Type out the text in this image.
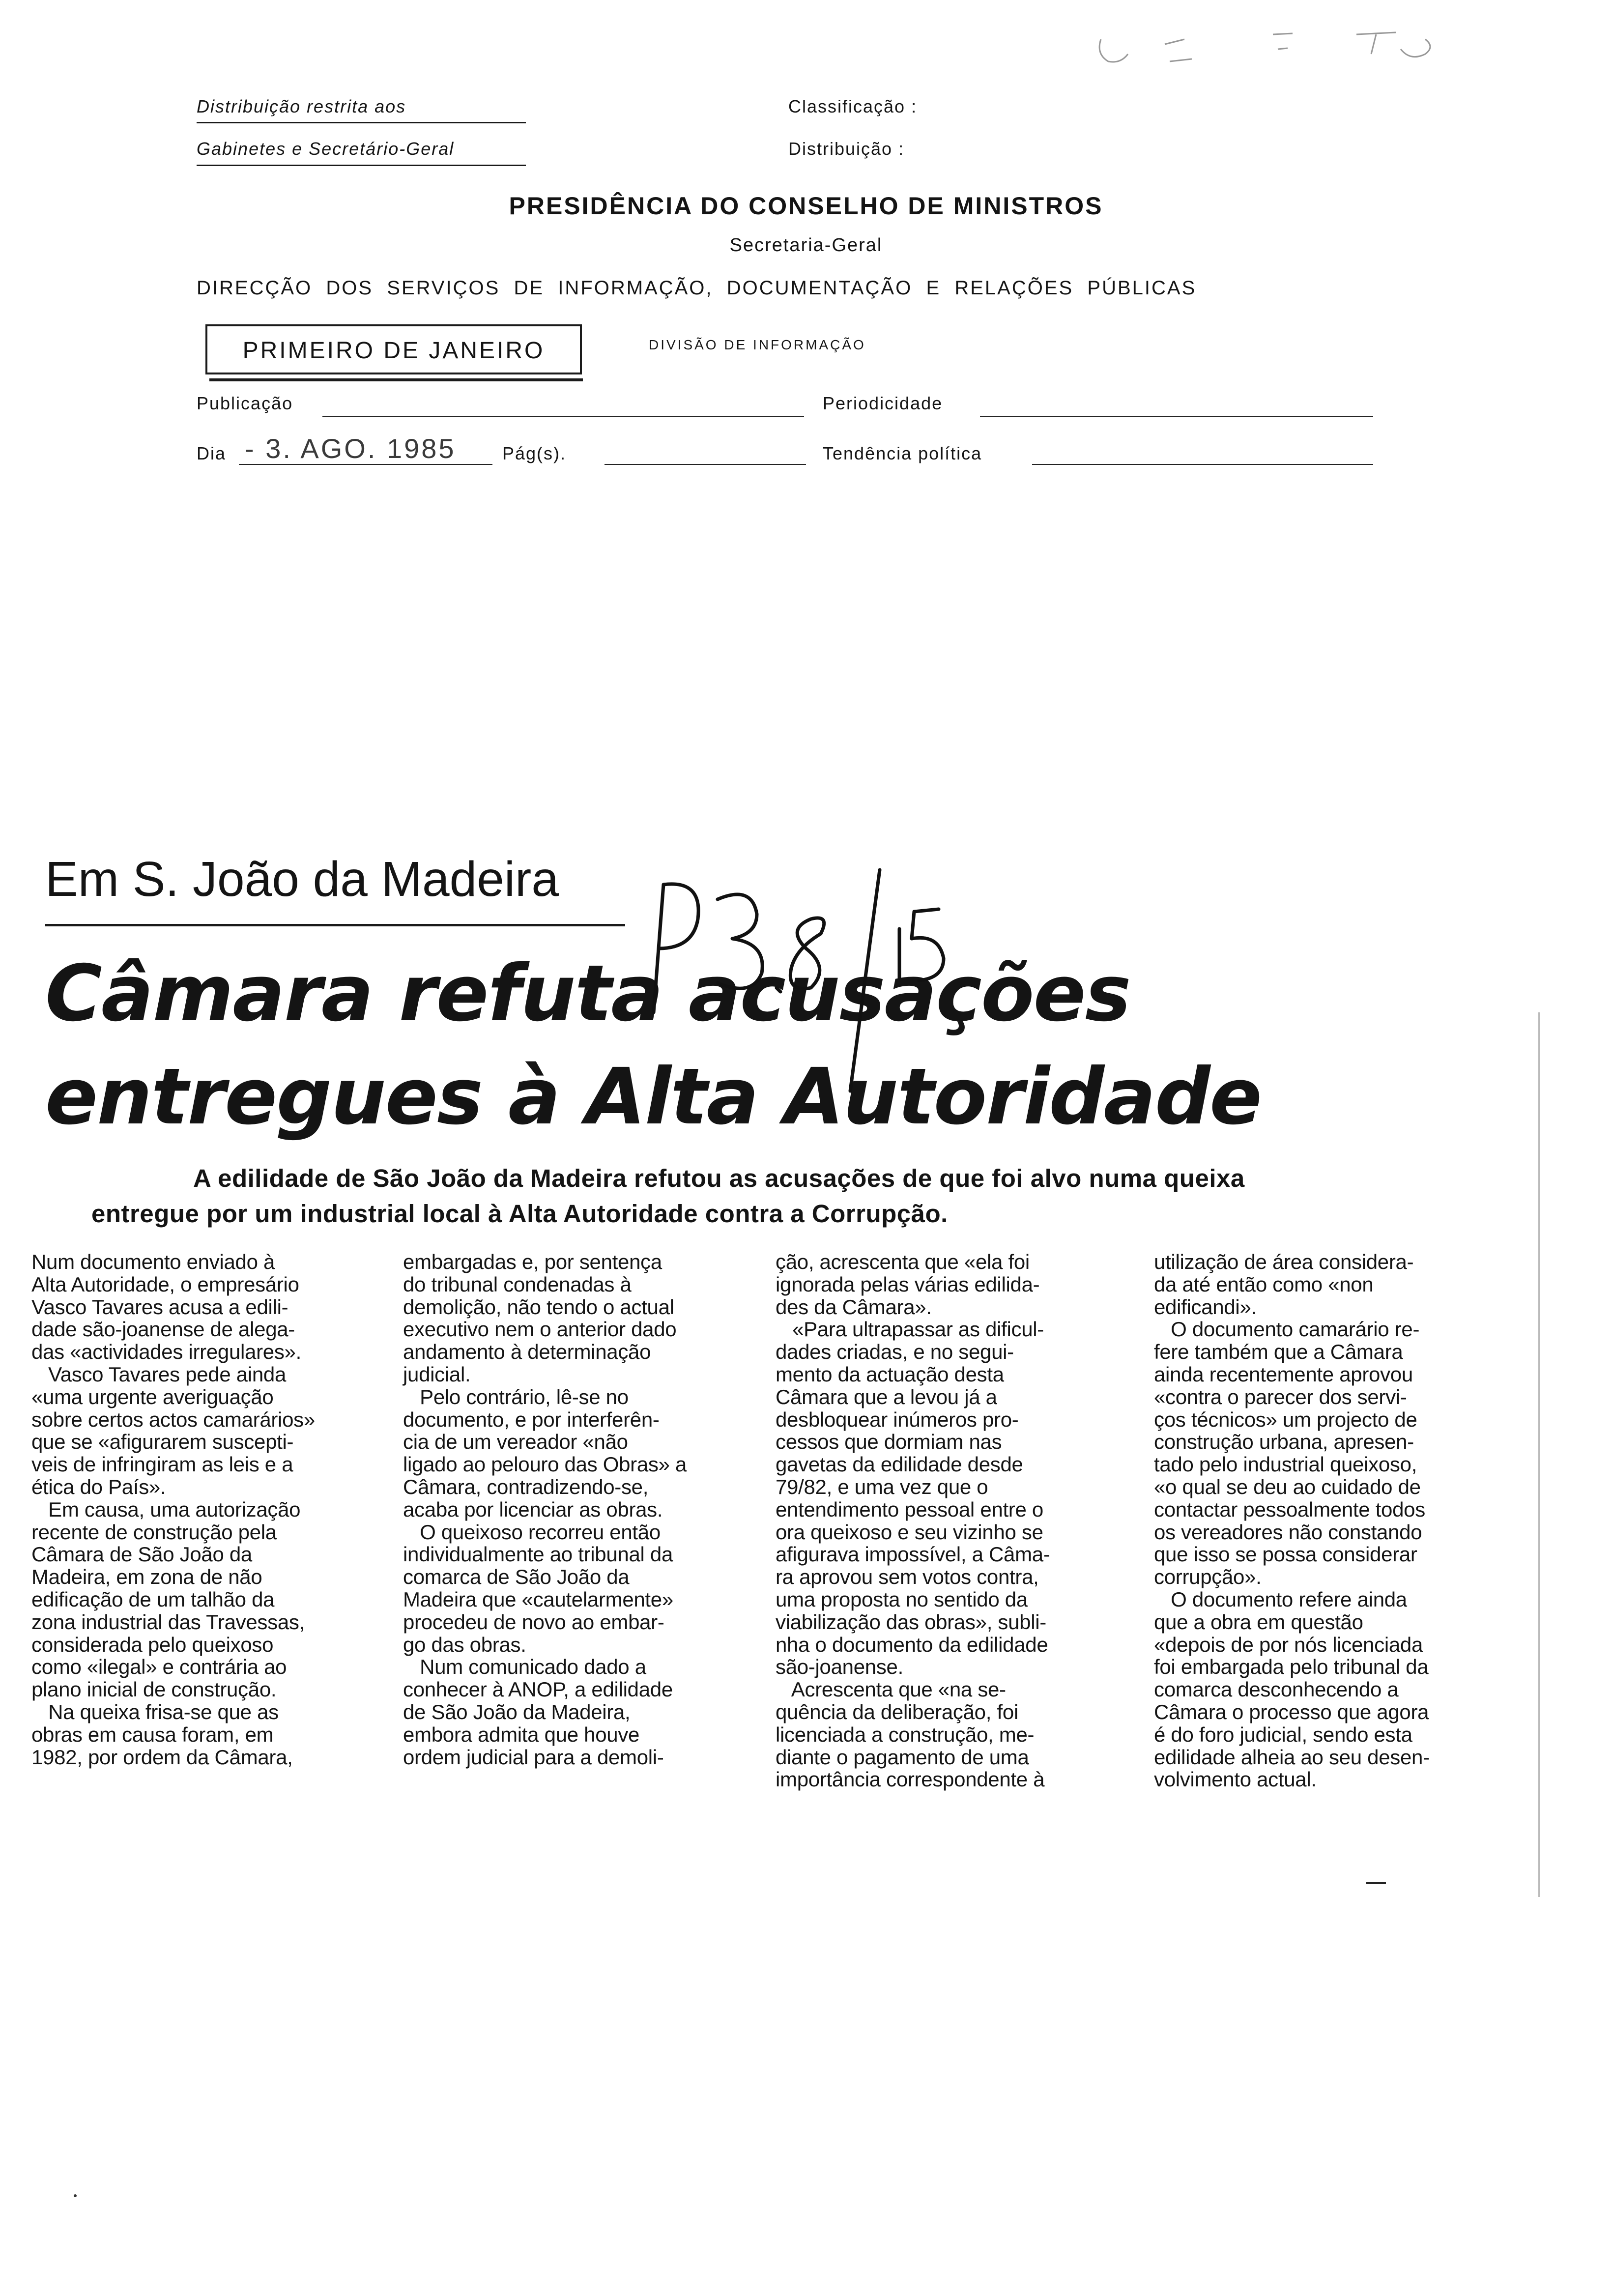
Distribuição restrita aos
Gabinetes e Secretário-Geral
Classificação :
Distribuição :
PRESIDÊNCIA DO CONSELHO DE MINISTROS
Secretaria-Geral
DIRECÇÃO  DOS  SERVIÇOS  DE  INFORMAÇÃO,  DOCUMENTAÇÃO  E  RELAÇÕES  PÚBLICAS
PRIMEIRO DE JANEIRO	DIVISÃO DE INFORMAÇÃO
Publicação	Periodicidade
Dia - 3. AGO. 1985	Pág(s).	Tendência política
Em S. João da Madeira
Câmara refuta acusações
entregues à Alta Autoridade
A edilidade de São João da Madeira refutou as acusações de que foi alvo numa queixa
entregue por um industrial local à Alta Autoridade contra a Corrupção.
Num documento enviado à
Alta Autoridade, o empresário
Vasco Tavares acusa a edili-
dade são-joanense de alega-
das «actividades irregulares».
Vasco Tavares pede ainda
«uma urgente averiguação
sobre certos actos camarários»
que se «afigurarem suscepti-
veis de infringiram as leis e a
ética do País».
Em causa, uma autorização
recente de construção pela
Câmara de São João da
Madeira, em zona de não
edificação de um talhão da
zona industrial das Travessas,
considerada pelo queixoso
como «ilegal» e contrária ao
plano inicial de construção.
Na queixa frisa-se que as
obras em causa foram, em
1982, por ordem da Câmara,
embargadas e, por sentença
do tribunal condenadas à
demolição, não tendo o actual
executivo nem o anterior dado
andamento à determinação
judicial.
Pelo contrário, lê-se no
documento, e por interferên-
cia de um vereador «não
ligado ao pelouro das Obras» a
Câmara, contradizendo-se,
acaba por licenciar as obras.
O queixoso recorreu então
individualmente ao tribunal da
comarca de São João da
Madeira que «cautelarmente»
procedeu de novo ao embar-
go das obras.
Num comunicado dado a
conhecer à ANOP, a edilidade
de São João da Madeira,
embora admita que houve
ordem judicial para a demoli-
ção, acrescenta que «ela foi
ignorada pelas várias edilida-
des da Câmara».
«Para ultrapassar as dificul-
dades criadas, e no segui-
mento da actuação desta
Câmara que a levou já a
desbloquear inúmeros pro-
cessos que dormiam nas
gavetas da edilidade desde
79/82, e uma vez que o
entendimento pessoal entre o
ora queixoso e seu vizinho se
afigurava impossível, a Câma-
ra aprovou sem votos contra,
uma proposta no sentido da
viabilização das obras», subli-
nha o documento da edilidade
são-joanense.
Acrescenta que «na se-
quência da deliberação, foi
licenciada a construção, me-
diante o pagamento de uma
importância correspondente à
utilização de área considera-
da até então como «non
edificandi».
O documento camarário re-
fere também que a Câmara
ainda recentemente aprovou
«contra o parecer dos servi-
ços técnicos» um projecto de
construção urbana, apresen-
tado pelo industrial queixoso,
«o qual se deu ao cuidado de
contactar pessoalmente todos
os vereadores não constando
que isso se possa considerar
corrupção».
O documento refere ainda
que a obra em questão
«depois de por nós licenciada
foi embargada pelo tribunal da
comarca desconhecendo a
Câmara o processo que agora
é do foro judicial, sendo esta
edilidade alheia ao seu desen-
volvimento actual.
